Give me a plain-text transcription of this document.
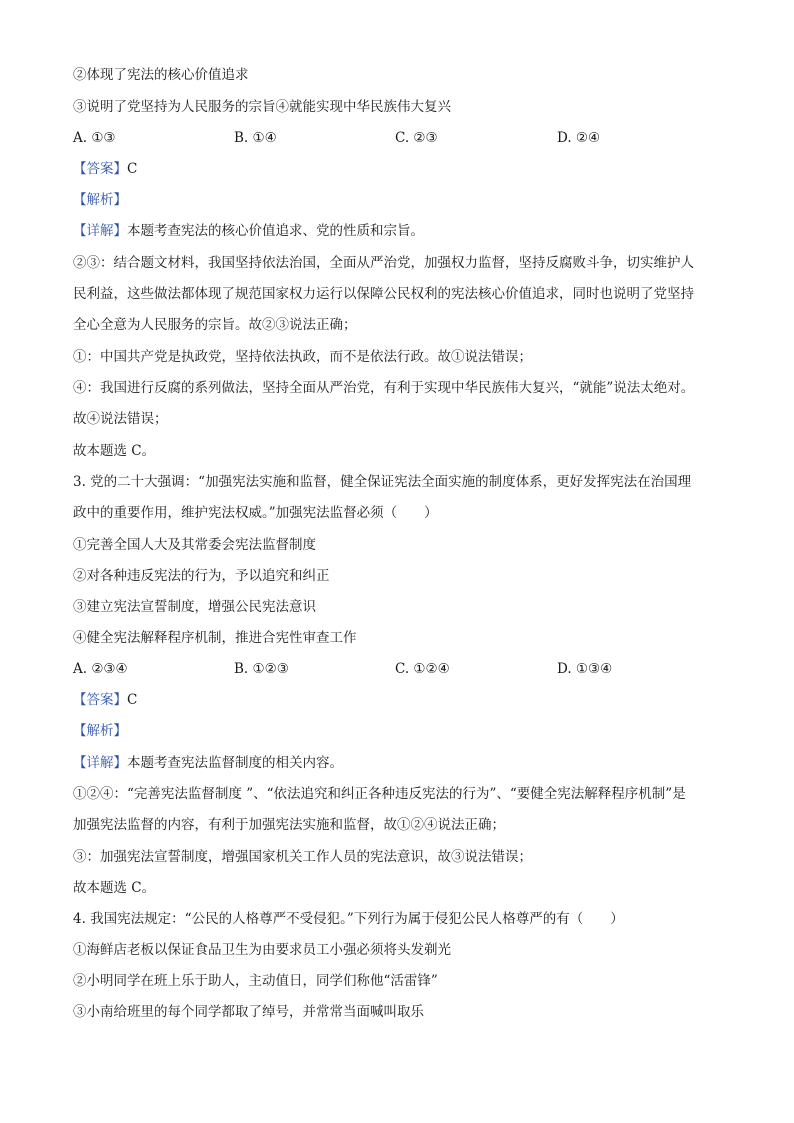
②体现了宪法的核心价值追求
③说明了党坚持为人民服务的宗旨④就能实现中华民族伟大复兴
A. ①③	B. ①④	C. ②③	D. ②④
【答案】C
【解析】
【详解】本题考查宪法的核心价值追求、党的性质和宗旨。
②③：结合题文材料，我国坚持依法治国，全面从严治党，加强权力监督，坚持反腐败斗争，切实维护人
民利益，这些做法都体现了规范国家权力运行以保障公民权利的宪法核心价值追求，同时也说明了党坚持
全心全意为人民服务的宗旨。故②③说法正确；
①：中国共产党是执政党，坚持依法执政，而不是依法行政。故①说法错误；
④：我国进行反腐的系列做法，坚持全面从严治党，有利于实现中华民族伟大复兴，“就能”说法太绝对。
故④说法错误；
故本题选 C。
3. 党的二十大强调：“加强宪法实施和监督，健全保证宪法全面实施的制度体系，更好发挥宪法在治国理
政中的重要作用，维护宪法权威。”加强宪法监督必须（　　）
①完善全国人大及其常委会宪法监督制度
②对各种违反宪法的行为，予以追究和纠正
③建立宪法宣誓制度，增强公民宪法意识
④健全宪法解释程序机制，推进合宪性审查工作
A. ②③④	B. ①②③	C. ①②④	D. ①③④
【答案】C
【解析】
【详解】本题考查宪法监督制度的相关内容。
①②④：“完善宪法监督制度 ”、“依法追究和纠正各种违反宪法的行为”、“要健全宪法解释程序机制”是
加强宪法监督的内容，有利于加强宪法实施和监督，故①②④说法正确；
③：加强宪法宣誓制度，增强国家机关工作人员的宪法意识，故③说法错误；
故本题选 C。
4. 我国宪法规定：“公民的人格尊严不受侵犯。”下列行为属于侵犯公民人格尊严的有（　　）
①海鲜店老板以保证食品卫生为由要求员工小强必须将头发剃光
②小明同学在班上乐于助人，主动值日，同学们称他“活雷锋”
③小南给班里的每个同学都取了绰号，并常常当面喊叫取乐
